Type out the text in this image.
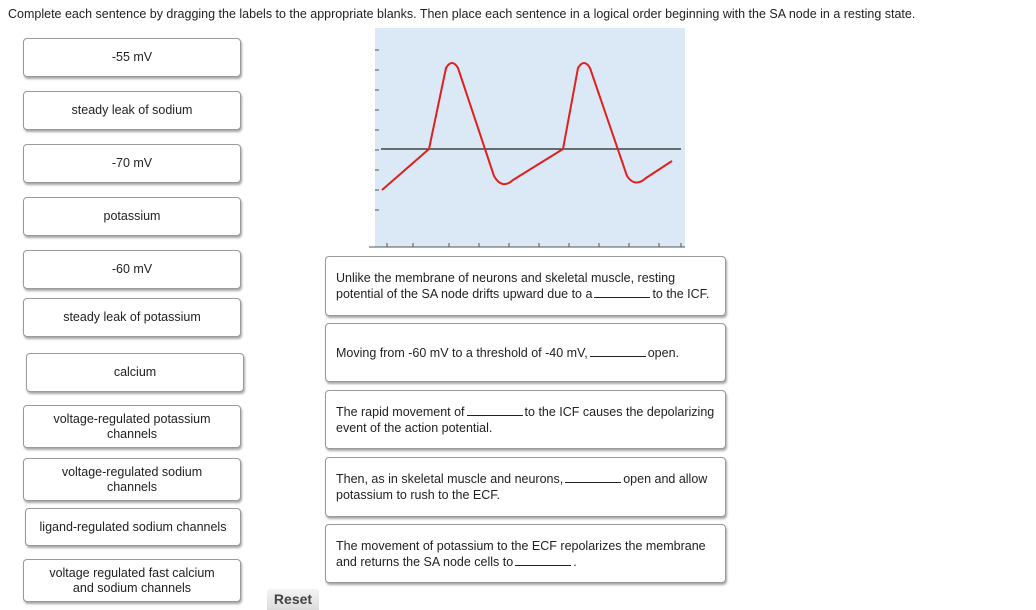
Complete each sentence by dragging the labels to the appropriate blanks. Then place each sentence in a logical order beginning with the SA node in a resting state.
-55 mV
steady leak of sodium
-70 mV
potassium
-60 mV
steady leak of potassium
calcium
voltage-regulated potassium channels
voltage-regulated sodium channels
ligand-regulated sodium channels
voltage regulated fast calcium and sodium channels
Unlike the membrane of neurons and skeletal muscle, resting potential of the SA node drifts upward due to a	to the ICF.
Moving from -60 mV to a threshold of -40 mV,	open.
The rapid movement of	to the ICF causes the depolarizing event of the action potential.
Then, as in skeletal muscle and neurons,	open and allow potassium to rush to the ECF.
The movement of potassium to the ECF repolarizes the membrane and returns the SA node cells to	.
Reset
